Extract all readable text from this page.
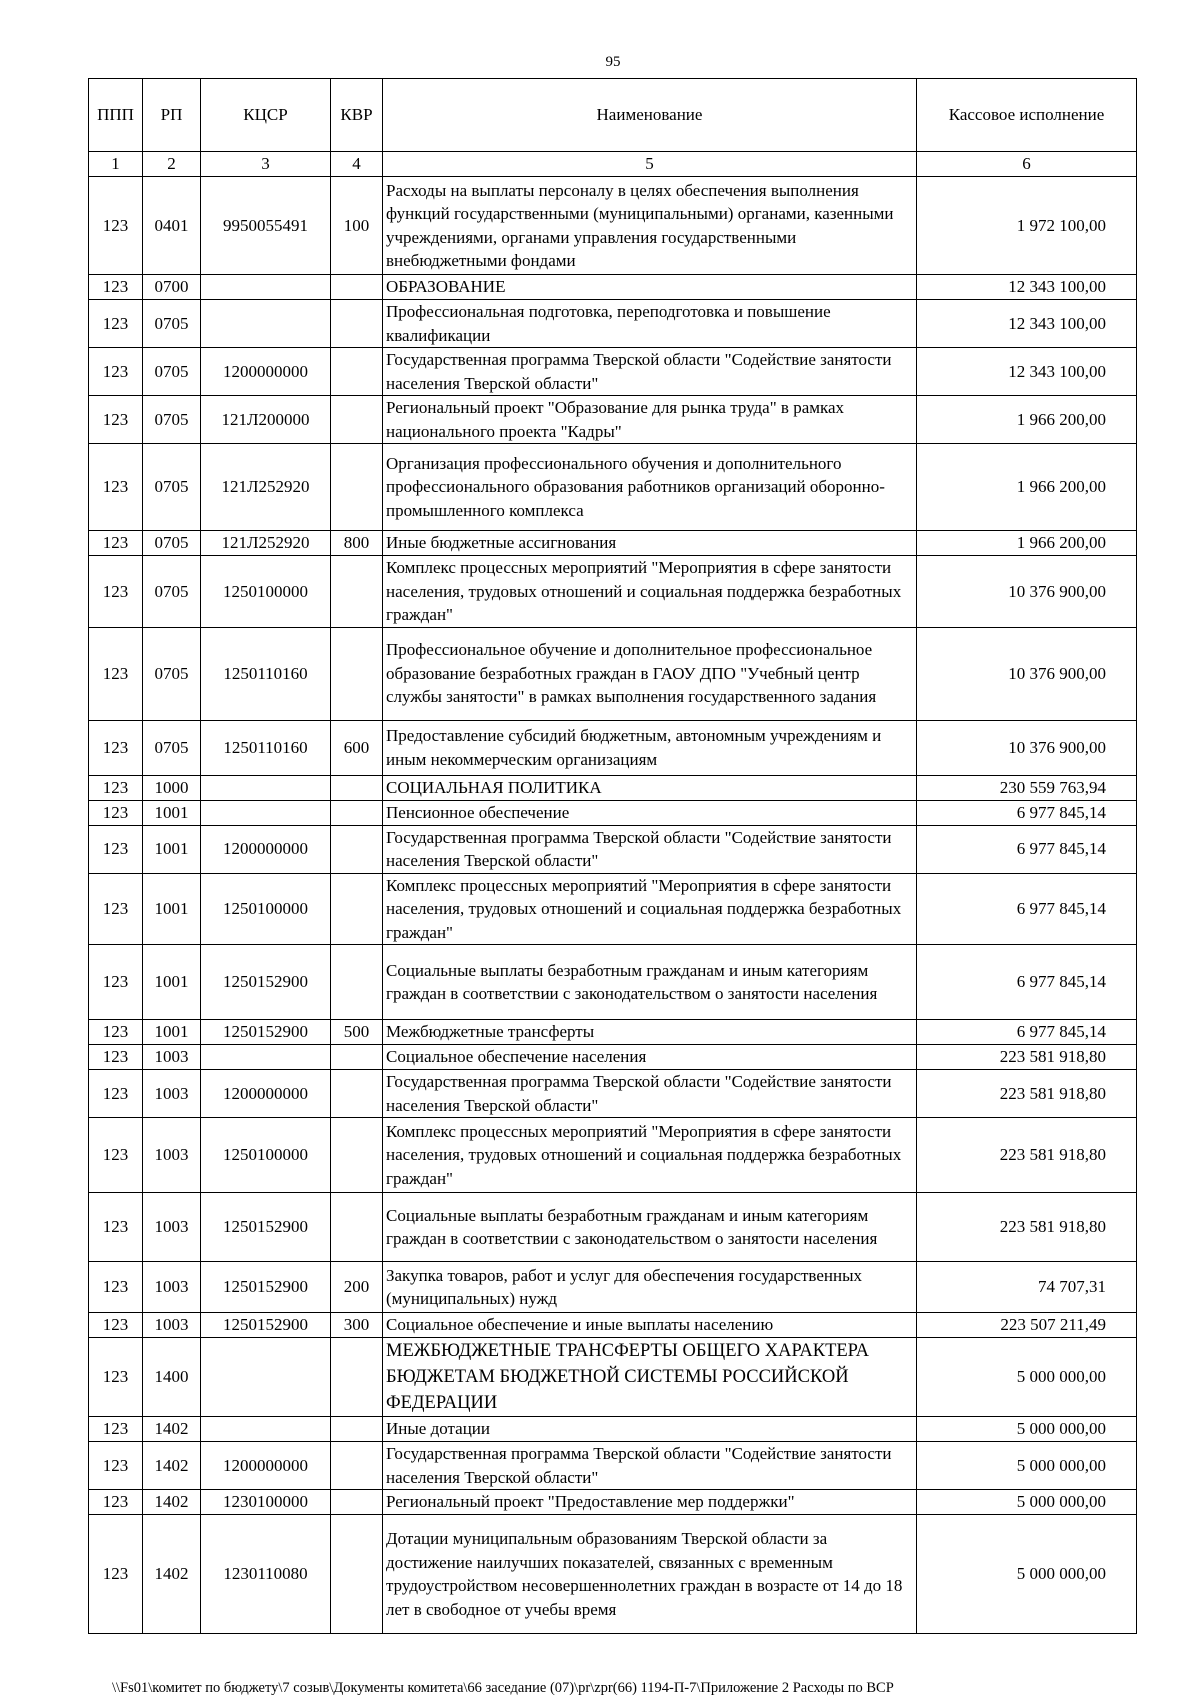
95
ППП	РП	КЦСР	КВР	Наименование	Кассовое исполнение
1	2	3	4	5	6
123	0401	9950055491	100	Расходы на выплаты персоналу в целях обеспечения выполнения функций государственными (муниципальными) органами, казенными учреждениями, органами управления государственными внебюджетными фондами	1 972 100,00
123	0700			ОБРАЗОВАНИЕ	12 343 100,00
123	0705			Профессиональная подготовка, переподготовка и повышение квалификации	12 343 100,00
123	0705	1200000000		Государственная программа Тверской области "Содействие занятости населения Тверской области"	12 343 100,00
123	0705	121Л200000		Региональный проект "Образование для рынка труда" в рамках национального проекта "Кадры"	1 966 200,00
123	0705	121Л252920		Организация профессионального обучения и дополнительного профессионального образования работников организаций оборонно-промышленного комплекса	1 966 200,00
123	0705	121Л252920	800	Иные бюджетные ассигнования	1 966 200,00
123	0705	1250100000		Комплекс процессных мероприятий "Мероприятия в сфере занятости населения, трудовых отношений и социальная поддержка безработных граждан"	10 376 900,00
123	0705	1250110160		Профессиональное обучение и дополнительное профессиональное образование безработных граждан в ГАОУ ДПО "Учебный центр службы занятости" в рамках выполнения государственного задания	10 376 900,00
123	0705	1250110160	600	Предоставление субсидий бюджетным, автономным учреждениям и иным некоммерческим организациям	10 376 900,00
123	1000			СОЦИАЛЬНАЯ ПОЛИТИКА	230 559 763,94
123	1001			Пенсионное обеспечение	6 977 845,14
123	1001	1200000000		Государственная программа Тверской области "Содействие занятости населения Тверской области"	6 977 845,14
123	1001	1250100000		Комплекс процессных мероприятий "Мероприятия в сфере занятости населения, трудовых отношений и социальная поддержка безработных граждан"	6 977 845,14
123	1001	1250152900		Социальные выплаты безработным гражданам и иным категориям граждан в соответствии с законодательством о занятости населения	6 977 845,14
123	1001	1250152900	500	Межбюджетные трансферты	6 977 845,14
123	1003			Социальное обеспечение населения	223 581 918,80
123	1003	1200000000		Государственная программа Тверской области "Содействие занятости населения Тверской области"	223 581 918,80
123	1003	1250100000		Комплекс процессных мероприятий "Мероприятия в сфере занятости населения, трудовых отношений и социальная поддержка безработных граждан"	223 581 918,80
123	1003	1250152900		Социальные выплаты безработным гражданам и иным категориям граждан в соответствии с законодательством о занятости населения	223 581 918,80
123	1003	1250152900	200	Закупка товаров, работ и услуг для обеспечения государственных (муниципальных) нужд	74 707,31
123	1003	1250152900	300	Социальное обеспечение и иные выплаты населению	223 507 211,49
123	1400			МЕЖБЮДЖЕТНЫЕ ТРАНСФЕРТЫ ОБЩЕГО ХАРАКТЕРА БЮДЖЕТАМ БЮДЖЕТНОЙ СИСТЕМЫ РОССИЙСКОЙ ФЕДЕРАЦИИ	5 000 000,00
123	1402			Иные дотации	5 000 000,00
123	1402	1200000000		Государственная программа Тверской области "Содействие занятости населения Тверской области"	5 000 000,00
123	1402	1230100000		Региональный проект "Предоставление мер поддержки"	5 000 000,00
123	1402	1230110080		Дотации муниципальным образованиям Тверской области за достижение наилучших показателей, связанных с временным трудоустройством несовершеннолетних граждан в возрасте от 14 до 18 лет в свободное от учебы время	5 000 000,00
\\Fs01\комитет по бюджету\7 созыв\Документы комитета\66 заседание (07)\pr\zpr(66) 1194-П-7\Приложение 2 Расходы по ВСР
